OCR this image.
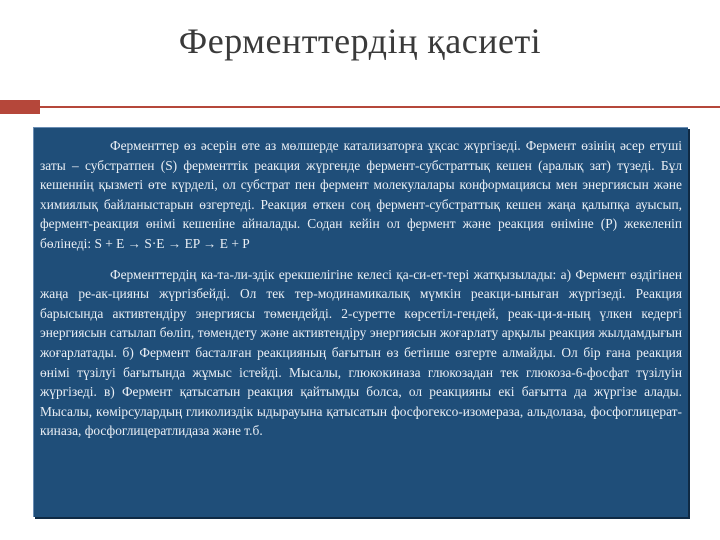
Ферменттердің қасиеті

Ферменттер өз әсерін өте аз мөлшерде катализаторға ұқсас жүргізеді. Фермент өзінің әсер етуші заты – субстратпен (S) ферменттік реакция жүргенде фермент-субстраттық кешен (аралық зат) түзеді. Бұл кешеннің қызметі өте күрделі, ол субстрат пен фермент молекулалары конформациясы мен энергиясын және химиялық байланыстарын өзгертеді. Реакция өткен соң фермент-субстраттық кешен жаңа қалыпқа ауысып, фермент-реакция өнімі кешеніне айналады. Содан кейін ол фермент және реакция өніміне (Р) жекеленіп бөлінеді: S + E → S·E → EP → E + P

Ферменттердің ка-та-ли-здік ерекшелігіне келесі қа-си-ет-тері жатқызылады: а) Фермент өздігінен жаңа ре-ак-цияны жүргізбейді. Ол тек тер-модинамикалық мүмкін реакци-ыныған жүргізеді. Реакция барысында активтендіру энергиясы төмендейді. 2-суретте көрсетіл-гендей, реак-ци-я-ның үлкен кедергі энергиясын сатылап бөліп, төмендету және активтендіру энергиясын жоғарлату арқылы реакция жылдамдығын жоғарлатады. б) Фермент басталған реакцияның бағытын өз бетінше өзгерте алмайды. Ол бір ғана реакция өнімі түзілуі бағытында жұмыс істейді. Мысалы, глюкокиназа глюкозадан тек глюкоза-6-фосфат түзілуін жүргізеді. в) Фермент қатысатын реакция қайтымды болса, ол реакцияны екі бағытта да жүргізе алады. Мысалы, көмірсулардың гликолиздік ыдырауына қатысатын фосфогексо-изомераза, альдолаза, фосфоглицерат-киназа, фосфоглицератлидаза және т.б.
